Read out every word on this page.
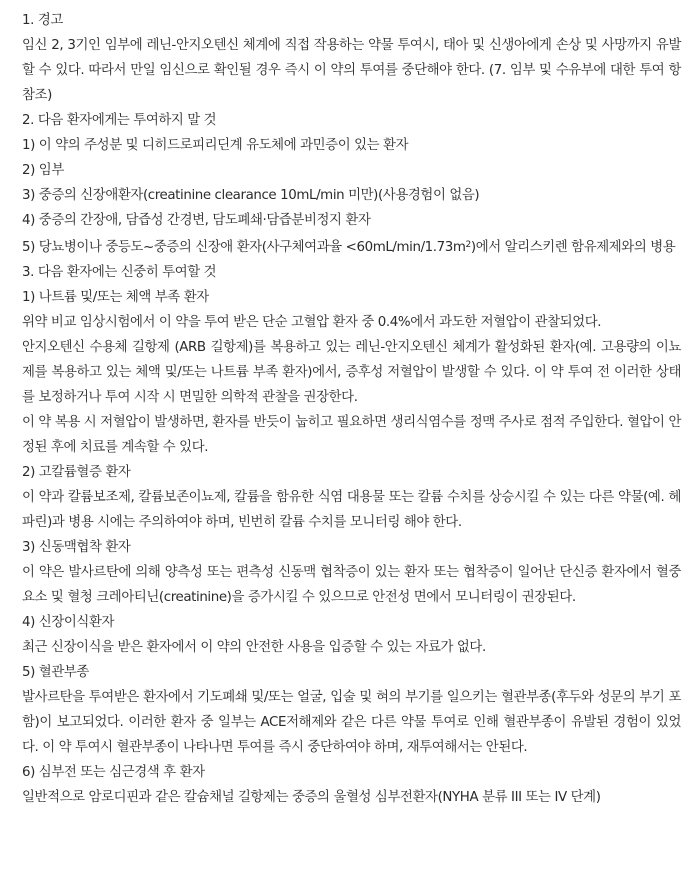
1. 경고
임신 2, 3기인 임부에 레닌-안지오텐신 체계에 직접 작용하는 약물 투여시, 태아 및 신생아에게 손상 및 사망까지 유발할 수 있다. 따라서 만일 임신으로 확인될 경우 즉시 이 약의 투여를 중단해야 한다. (7. 임부 및 수유부에 대한 투여 항 참조)
2. 다음 환자에게는 투여하지 말 것
1) 이 약의 주성분 및 디히드로피리딘계 유도체에 과민증이 있는 환자
2) 임부
3) 중증의 신장애환자(creatinine clearance 10mL/min 미만)(사용경험이 없음)
4) 중증의 간장애, 담즙성 간경변, 담도폐쇄·담즙분비정지 환자
5) 당뇨병이나 중등도~중증의 신장애 환자(사구체여과율 $<60mL/\min/1.73m^2$)에서 알리스키렌 함유제제와의 병용
3. 다음 환자에는 신중히 투여할 것
1) 나트륨 및/또는 체액 부족 환자
위약 비교 임상시험에서 이 약을 투여 받은 단순 고혈압 환자 중 0.4%에서 과도한 저혈압이 관찰되었다.
안지오텐신 수용체 길항제 (ARB 길항제)를 복용하고 있는 레닌-안지오텐신 체계가 활성화된 환자(예. 고용량의 이뇨제를 복용하고 있는 체액 및/또는 나트륨 부족 환자)에서, 증후성 저혈압이 발생할 수 있다. 이 약 투여 전 이러한 상태를 보정하거나 투여 시작 시 면밀한 의학적 관찰을 권장한다.
이 약 복용 시 저혈압이 발생하면, 환자를 반듯이 눕히고 필요하면 생리식염수를 정맥 주사로 점적 주입한다. 혈압이 안정된 후에 치료를 계속할 수 있다.
2) 고칼륨혈증 환자
이 약과 칼륨보조제, 칼륨보존이뇨제, 칼륨을 함유한 식염 대용물 또는 칼륨 수치를 상승시킬 수 있는 다른 약물(예. 헤파린)과 병용 시에는 주의하여야 하며, 빈번히 칼륨 수치를 모니터링 해야 한다.
3) 신동맥협착 환자
이 약은 발사르탄에 의해 양측성 또는 편측성 신동맥 협착증이 있는 환자 또는 협착증이 일어난 단신증 환자에서 혈중 요소 및 혈청 크레아티닌(creatinine)을 증가시킬 수 있으므로 안전성 면에서 모니터링이 권장된다.
4) 신장이식환자
최근 신장이식을 받은 환자에서 이 약의 안전한 사용을 입증할 수 있는 자료가 없다.
5) 혈관부종
발사르탄을 투여받은 환자에서 기도폐쇄 및/또는 얼굴, 입술 및 혀의 부기를 일으키는 혈관부종(후두와 성문의 부기 포함)이 보고되었다. 이러한 환자 중 일부는 ACE저해제와 같은 다른 약물 투여로 인해 혈관부종이 유발된 경험이 있었다. 이 약 투여시 혈관부종이 나타나면 투여를 즉시 중단하여야 하며, 재투여해서는 안된다.
6) 심부전 또는 심근경색 후 환자
일반적으로 암로디핀과 같은 칼슘채널 길항제는 중증의 울혈성 심부전환자(NYHA 분류 III 또는 IV 단계)
